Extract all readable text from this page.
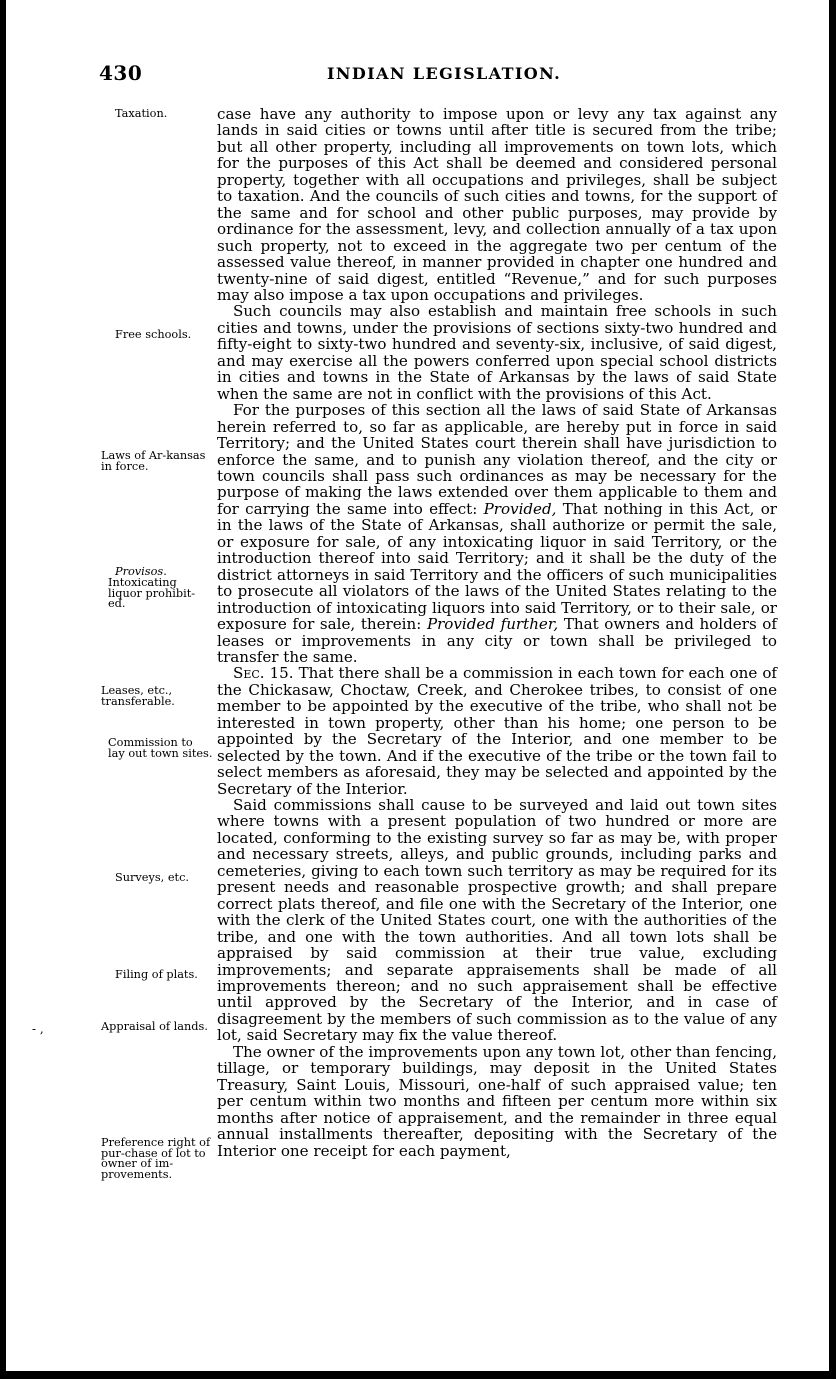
430	INDIAN LEGISLATION.
- ,
Taxation.
Free schools.
Laws of Ar-kansas in force.
Provisos.
Intoxicating liquor prohibit-ed.
Leases, etc., transferable.
Commission to lay out town sites.
Surveys, etc.
Filing of plats.
Appraisal of lands.
Preference right of pur-chase of lot to owner of im-provements.

case have any authority to impose upon or levy any tax against any lands in said cities or towns until after title is secured from the tribe; but all other property, including all improvements on town lots, which for the purposes of this Act shall be deemed and considered personal property, together with all occupations and privileges, shall be subject to taxation. And the councils of such cities and towns, for the support of the same and for school and other public purposes, may provide by ordinance for the assessment, levy, and collection annually of a tax upon such property, not to exceed in the aggregate two per centum of the assessed value thereof, in manner provided in chapter one hundred and twenty-nine of said digest, entitled “Revenue,” and for such purposes may also impose a tax upon occupations and privileges.

Such councils may also establish and maintain free schools in such cities and towns, under the provisions of sections sixty-two hundred and fifty-eight to sixty-two hundred and seventy-six, inclusive, of said digest, and may exercise all the powers conferred upon special school districts in cities and towns in the State of Arkansas by the laws of said State when the same are not in conflict with the provisions of this Act.

For the purposes of this section all the laws of said State of Arkansas herein referred to, so far as applicable, are hereby put in force in said Territory; and the United States court therein shall have jurisdiction to enforce the same, and to punish any violation thereof, and the city or town councils shall pass such ordinances as may be necessary for the purpose of making the laws extended over them applicable to them and for carrying the same into effect: Provided, That nothing in this Act, or in the laws of the State of Arkansas, shall authorize or permit the sale, or exposure for sale, of any intoxicating liquor in said Territory, or the introduction thereof into said Territory; and it shall be the duty of the district attorneys in said Territory and the officers of such municipalities to prosecute all violators of the laws of the United States relating to the introduction of intoxicating liquors into said Territory, or to their sale, or exposure for sale, therein: Provided further, That owners and holders of leases or improvements in any city or town shall be privileged to transfer the same.

Sec. 15. That there shall be a commission in each town for each one of the Chickasaw, Choctaw, Creek, and Cherokee tribes, to consist of one member to be appointed by the executive of the tribe, who shall not be interested in town property, other than his home; one person to be appointed by the Secretary of the Interior, and one member to be selected by the town. And if the executive of the tribe or the town fail to select members as aforesaid, they may be selected and appointed by the Secretary of the Interior.

Said commissions shall cause to be surveyed and laid out town sites where towns with a present population of two hundred or more are located, conforming to the existing survey so far as may be, with proper and necessary streets, alleys, and public grounds, including parks and cemeteries, giving to each town such territory as may be required for its present needs and reasonable prospective growth; and shall prepare correct plats thereof, and file one with the Secretary of the Interior, one with the clerk of the United States court, one with the authorities of the tribe, and one with the town authorities. And all town lots shall be appraised by said commission at their true value, excluding improvements; and separate appraisements shall be made of all improvements thereon; and no such appraisement shall be effective until approved by the Secretary of the Interior, and in case of disagreement by the members of such commission as to the value of any lot, said Secretary may fix the value thereof.

The owner of the improvements upon any town lot, other than fencing, tillage, or temporary buildings, may deposit in the United States Treasury, Saint Louis, Missouri, one-half of such appraised value; ten per centum within two months and fifteen per centum more within six months after notice of appraisement, and the remainder in three equal annual installments thereafter, depositing with the Secretary of the Interior one receipt for each payment,
